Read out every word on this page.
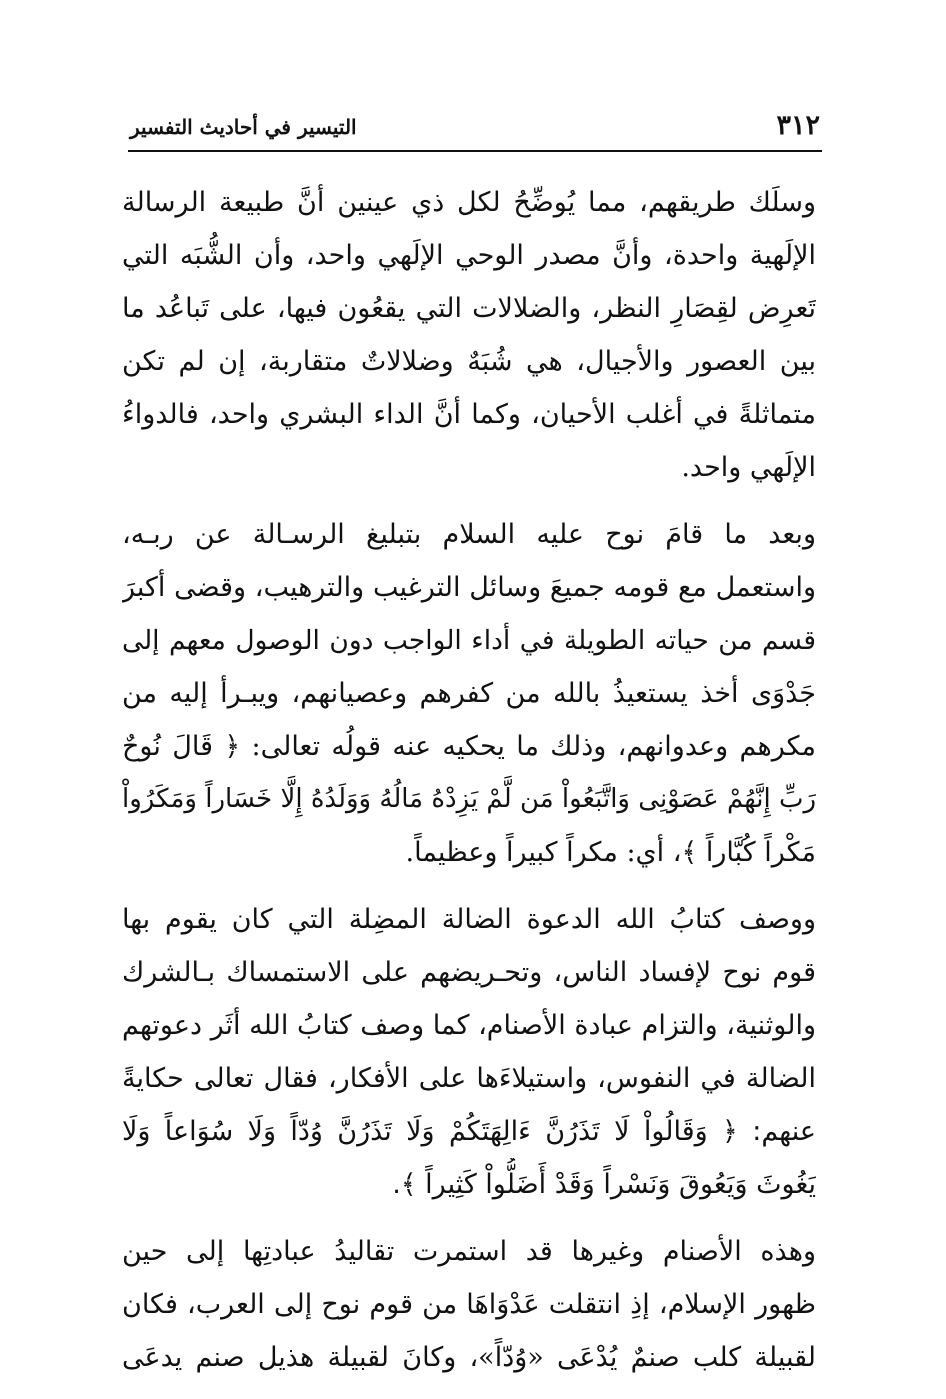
٣١٢
التيسير في أحاديث التفسير
وسلَك طريقهم، مما يُوضِّحُ لكل ذي عينين أنَّ طبيعة الرسالة
الإلَهية واحدة، وأنَّ مصدر الوحي الإلَهي واحد، وأن الشُّبَه التي
تَعرِض لقِصَارِ النظر، والضلالات التي يقعُون فيها، على تَباعُد ما
بين العصور والأجيال، هي شُبَهٌ وضلالاتٌ متقاربة، إن لم تكن
متماثلةً في أغلب الأحيان، وكما أنَّ الداء البشري واحد، فالدواءُ
الإلَهي واحد.
وبعد ما قامَ نوح عليه السلام بتبليغ الرسـالة عن ربـه،
واستعمل مع قومه جميعَ وسائل الترغيب والترهيب، وقضى أكبرَ
قسم من حياته الطويلة في أداء الواجب دون الوصول معهم إلى
جَدْوَى أخذ يستعيذُ بالله من كفرهم وعصيانهم، ويبـرأ إليه من
مكرهم وعدوانهم، وذلك ما يحكيه عنه قولُه تعالى: ﴿ قَالَ نُوحٌ
رَبِّ إِنَّهُمْ عَصَوْنِى وَاتَّبَعُواْ مَن لَّمْ يَزِدْهُ مَالُهُ وَوَلَدُهُ إِلَّا خَسَاراً وَمَكَرُواْ
مَكْراً كُبَّاراً ﴾، أي: مكراً كبيراً وعظيماً.
ووصف كتابُ الله الدعوة الضالة المضِلة التي كان يقوم بها
قوم نوح لإفساد الناس، وتحـريضهم على الاستمساك بـالشرك
والوثنية، والتزام عبادة الأصنام، كما وصف كتابُ الله أثَر دعوتهم
الضالة في النفوس، واستيلاءَها على الأفكار، فقال تعالى حكايةً
عنهم: ﴿ وَقَالُواْ لَا تَذَرُنَّ ءَالِهَتَكُمْ وَلَا تَذَرُنَّ وُدّاً وَلَا سُوَاعاً وَلَا
يَغُوثَ وَيَعُوقَ وَنَسْراً وَقَدْ أَضَلُّواْ كَثِيراً ﴾.
وهذه الأصنام وغيرها قد استمرت تقاليدُ عبادتِها إلى حين
ظهور الإسلام، إذِ انتقلت عَدْوَاهَا من قوم نوح إلى العرب، فكان
لقبيلة كلب صنمٌ يُدْعَى «وُدّاً»، وكانَ لقبيلة هذيل صنم يدعَى
